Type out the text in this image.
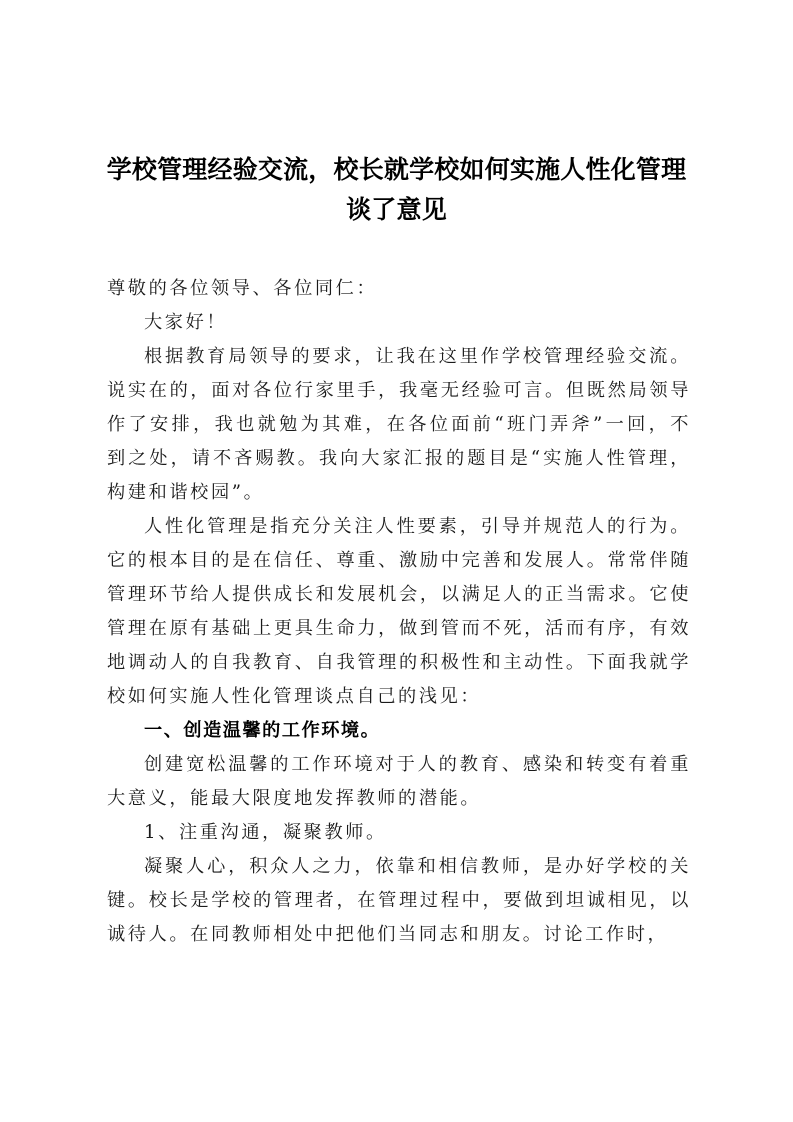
学校管理经验交流，校长就学校如何实施人性化管理谈了意见

尊敬的各位领导、各位同仁：

大家好！

根据教育局领导的要求，让我在这里作学校管理经验交流。说实在的，面对各位行家里手，我毫无经验可言。但既然局领导作了安排，我也就勉为其难，在各位面前“班门弄斧”一回，不到之处，请不吝赐教。我向大家汇报的题目是“实施人性管理，构建和谐校园”。

人性化管理是指充分关注人性要素，引导并规范人的行为。它的根本目的是在信任、尊重、激励中完善和发展人。常常伴随管理环节给人提供成长和发展机会，以满足人的正当需求。它使管理在原有基础上更具生命力，做到管而不死，活而有序，有效地调动人的自我教育、自我管理的积极性和主动性。下面我就学校如何实施人性化管理谈点自己的浅见：

一、创造温馨的工作环境。

创建宽松温馨的工作环境对于人的教育、感染和转变有着重大意义，能最大限度地发挥教师的潜能。

1、注重沟通，凝聚教师。

凝聚人心，积众人之力，依靠和相信教师，是办好学校的关键。校长是学校的管理者，在管理过程中，要做到坦诚相见，以诚待人。在同教师相处中把他们当同志和朋友。讨论工作时，
